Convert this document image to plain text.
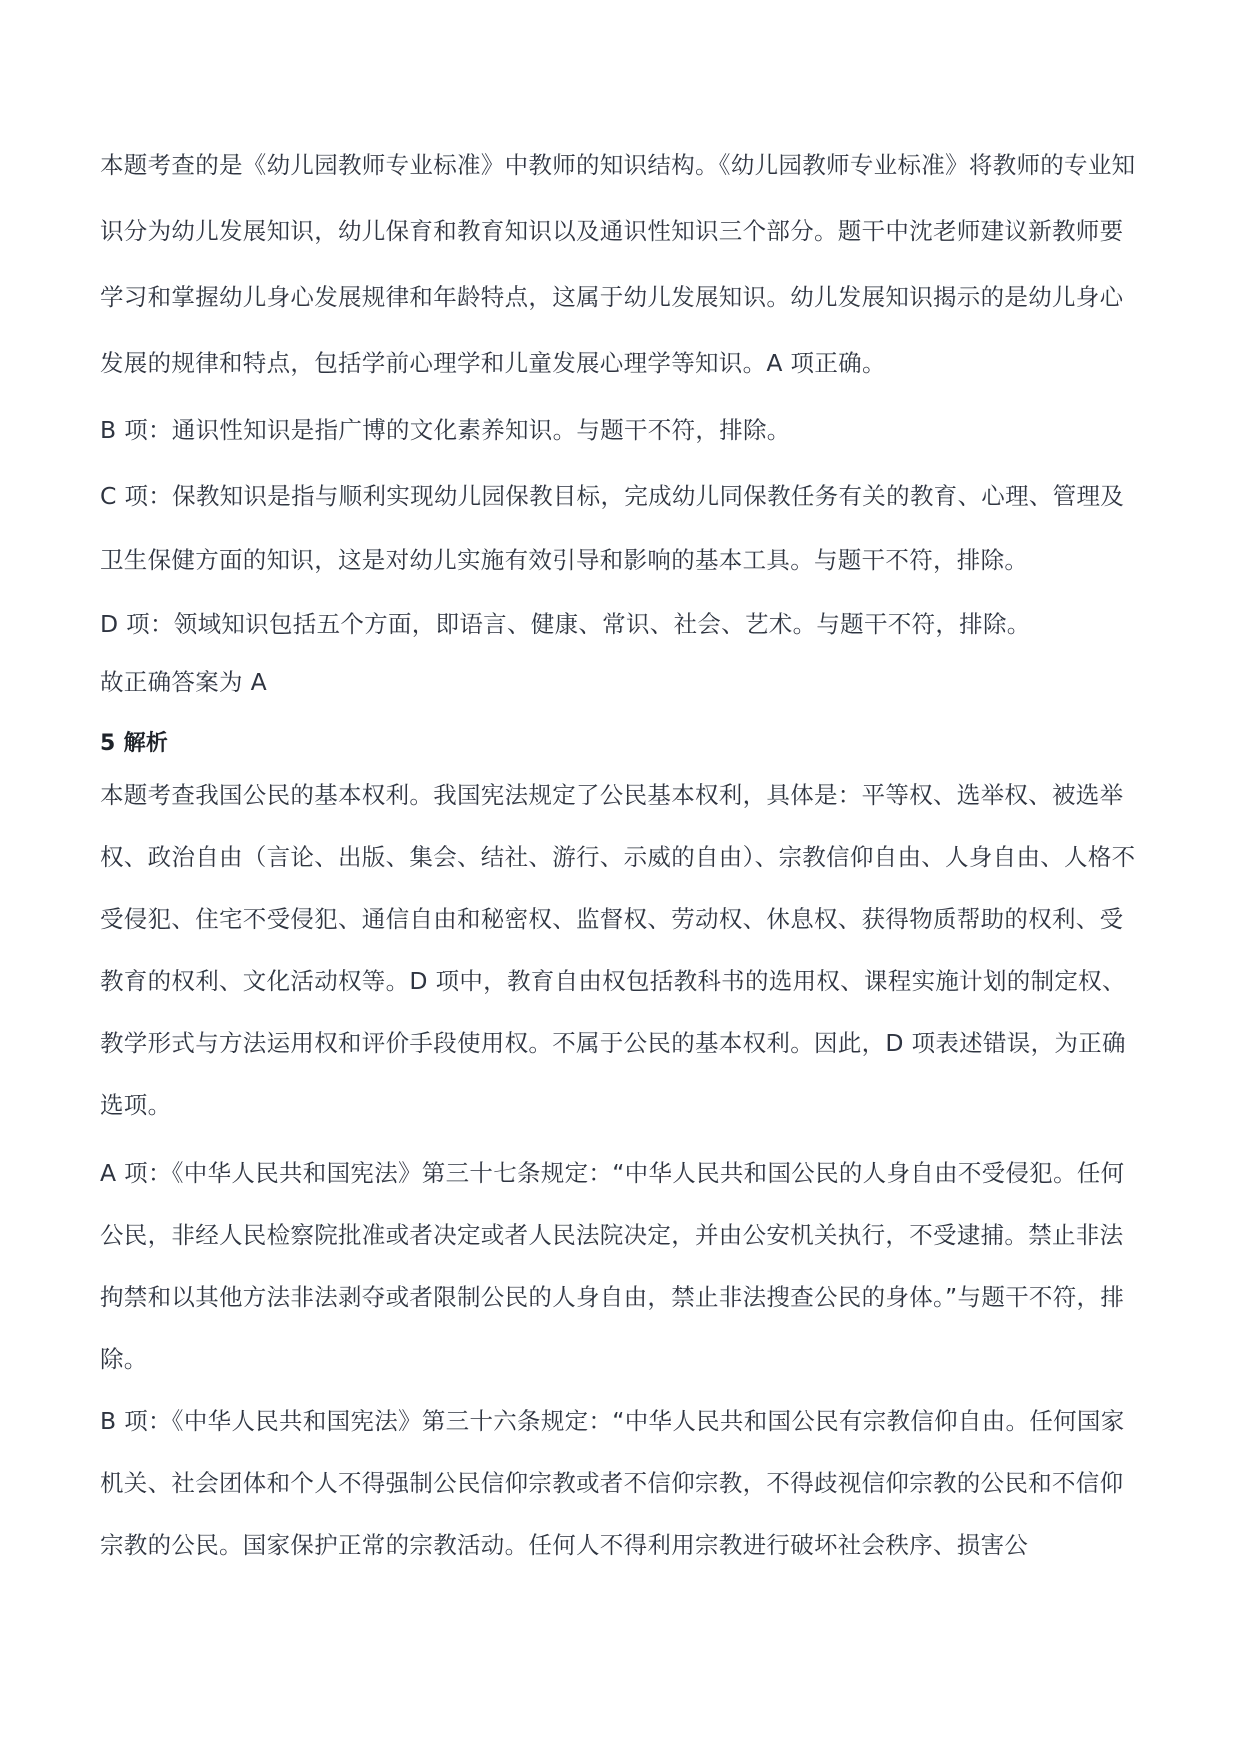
本题考查的是《幼儿园教师专业标准》中教师的知识结构。《幼儿园教师专业标准》将教师的专业知识分为幼儿发展知识，幼儿保育和教育知识以及通识性知识三个部分。题干中沈老师建议新教师要学习和掌握幼儿身心发展规律和年龄特点，这属于幼儿发展知识。幼儿发展知识揭示的是幼儿身心发展的规律和特点，包括学前心理学和儿童发展心理学等知识。A 项正确。

B 项：通识性知识是指广博的文化素养知识。与题干不符，排除。

C 项：保教知识是指与顺利实现幼儿园保教目标，完成幼儿同保教任务有关的教育、心理、管理及卫生保健方面的知识，这是对幼儿实施有效引导和影响的基本工具。与题干不符，排除。

D 项：领域知识包括五个方面，即语言、健康、常识、社会、艺术。与题干不符，排除。

故正确答案为 A

5 解析

本题考查我国公民的基本权利。我国宪法规定了公民基本权利，具体是：平等权、选举权、被选举权、政治自由（言论、出版、集会、结社、游行、示威的自由）、宗教信仰自由、人身自由、人格不受侵犯、住宅不受侵犯、通信自由和秘密权、监督权、劳动权、休息权、获得物质帮助的权利、受教育的权利、文化活动权等。D 项中，教育自由权包括教科书的选用权、课程实施计划的制定权、教学形式与方法运用权和评价手段使用权。不属于公民的基本权利。因此，D 项表述错误，为正确选项。

A 项：《中华人民共和国宪法》第三十七条规定：“中华人民共和国公民的人身自由不受侵犯。任何公民，非经人民检察院批准或者决定或者人民法院决定，并由公安机关执行，不受逮捕。禁止非法拘禁和以其他方法非法剥夺或者限制公民的人身自由，禁止非法搜查公民的身体。”与题干不符，排除。

B 项：《中华人民共和国宪法》第三十六条规定：“中华人民共和国公民有宗教信仰自由。任何国家机关、社会团体和个人不得强制公民信仰宗教或者不信仰宗教，不得歧视信仰宗教的公民和不信仰宗教的公民。国家保护正常的宗教活动。任何人不得利用宗教进行破坏社会秩序、损害公
